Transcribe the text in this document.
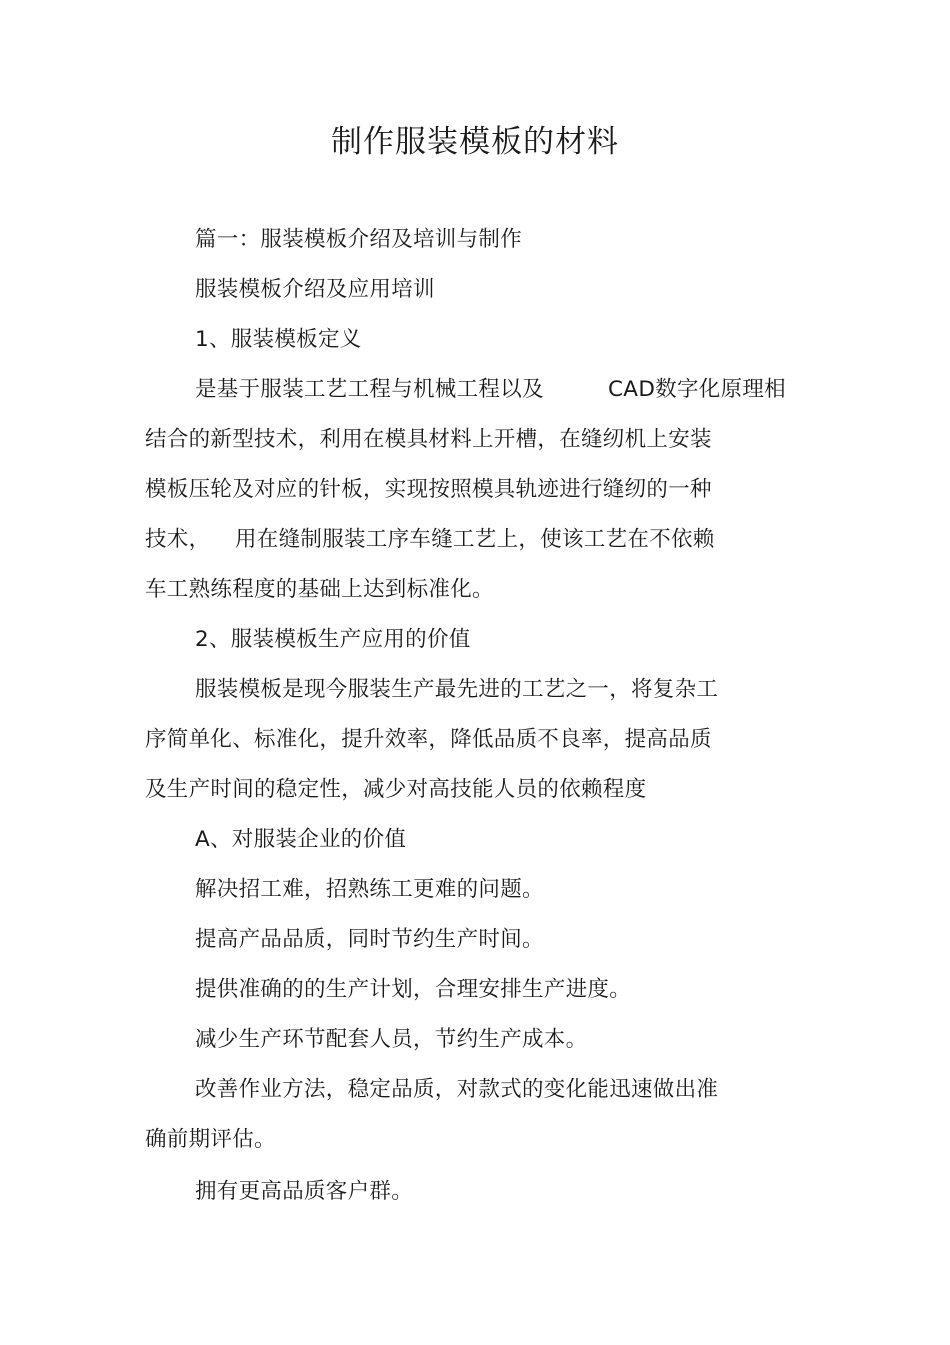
制作服装模板的材料
篇一：服装模板介绍及培训与制作
服装模板介绍及应用培训
1、服装模板定义
是基于服装工艺工程与机械工程以及	CAD数字化原理相
结合的新型技术，利用在模具材料上开槽，在缝纫机上安装
模板压轮及对应的针板，实现按照模具轨迹进行缝纫的一种
技术， 用在缝制服装工序车缝工艺上，使该工艺在不依赖
车工熟练程度的基础上达到标准化。
2、服装模板生产应用的价值
服装模板是现今服装生产最先进的工艺之一，将复杂工
序简单化、标准化，提升效率，降低品质不良率，提高品质
及生产时间的稳定性，减少对高技能人员的依赖程度
A、对服装企业的价值
解决招工难，招熟练工更难的问题。
提高产品品质，同时节约生产时间。
提供准确的的生产计划，合理安排生产进度。
减少生产环节配套人员，节约生产成本。
改善作业方法，稳定品质，对款式的变化能迅速做出准
确前期评估。
拥有更高品质客户群。
